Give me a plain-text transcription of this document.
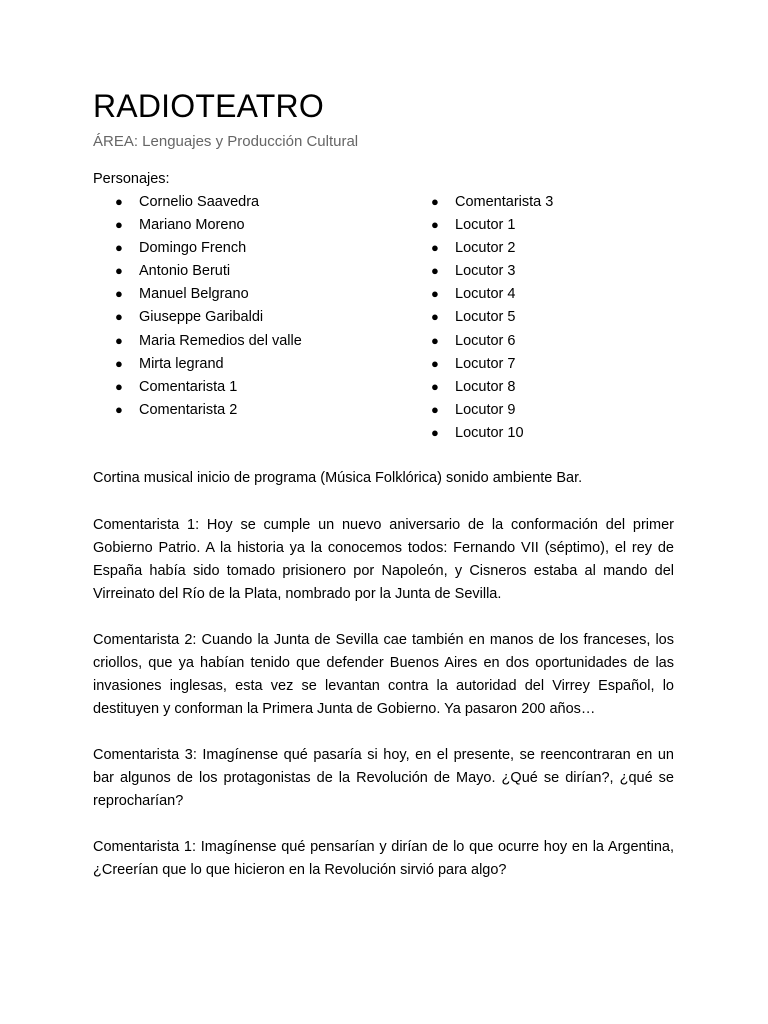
RADIOTEATRO

ÁREA: Lenguajes y Producción Cultural

Personajes:

● Cornelio Saavedra
● Mariano Moreno
● Domingo French
● Antonio Beruti
● Manuel Belgrano
● Giuseppe Garibaldi
● Maria Remedios del valle
● Mirta legrand
● Comentarista 1
● Comentarista 2
● Comentarista 3
● Locutor 1
● Locutor 2
● Locutor 3
● Locutor 4
● Locutor 5
● Locutor 6
● Locutor 7
● Locutor 8
● Locutor 9
● Locutor 10

Cortina musical inicio de programa (Música Folklórica) sonido ambiente Bar.

Comentarista 1: Hoy se cumple un nuevo aniversario de la conformación del primer Gobierno Patrio. A la historia ya la conocemos todos: Fernando VII (séptimo), el rey de España había sido tomado prisionero por Napoleón, y Cisneros estaba al mando del Virreinato del Río de la Plata, nombrado por la Junta de Sevilla.

Comentarista 2: Cuando la Junta de Sevilla cae también en manos de los franceses, los criollos, que ya habían tenido que defender Buenos Aires en dos oportunidades de las invasiones inglesas, esta vez se levantan contra la autoridad del Virrey Español, lo destituyen y conforman la Primera Junta de Gobierno. Ya pasaron 200 años…

Comentarista 3: Imagínense qué pasaría si hoy, en el presente, se reencontraran en un bar algunos de los protagonistas de la Revolución de Mayo. ¿Qué se dirían?, ¿qué se reprocharían?

Comentarista 1: Imagínense qué pensarían y dirían de lo que ocurre hoy en la Argentina, ¿Creerían que lo que hicieron en la Revolución sirvió para algo?
